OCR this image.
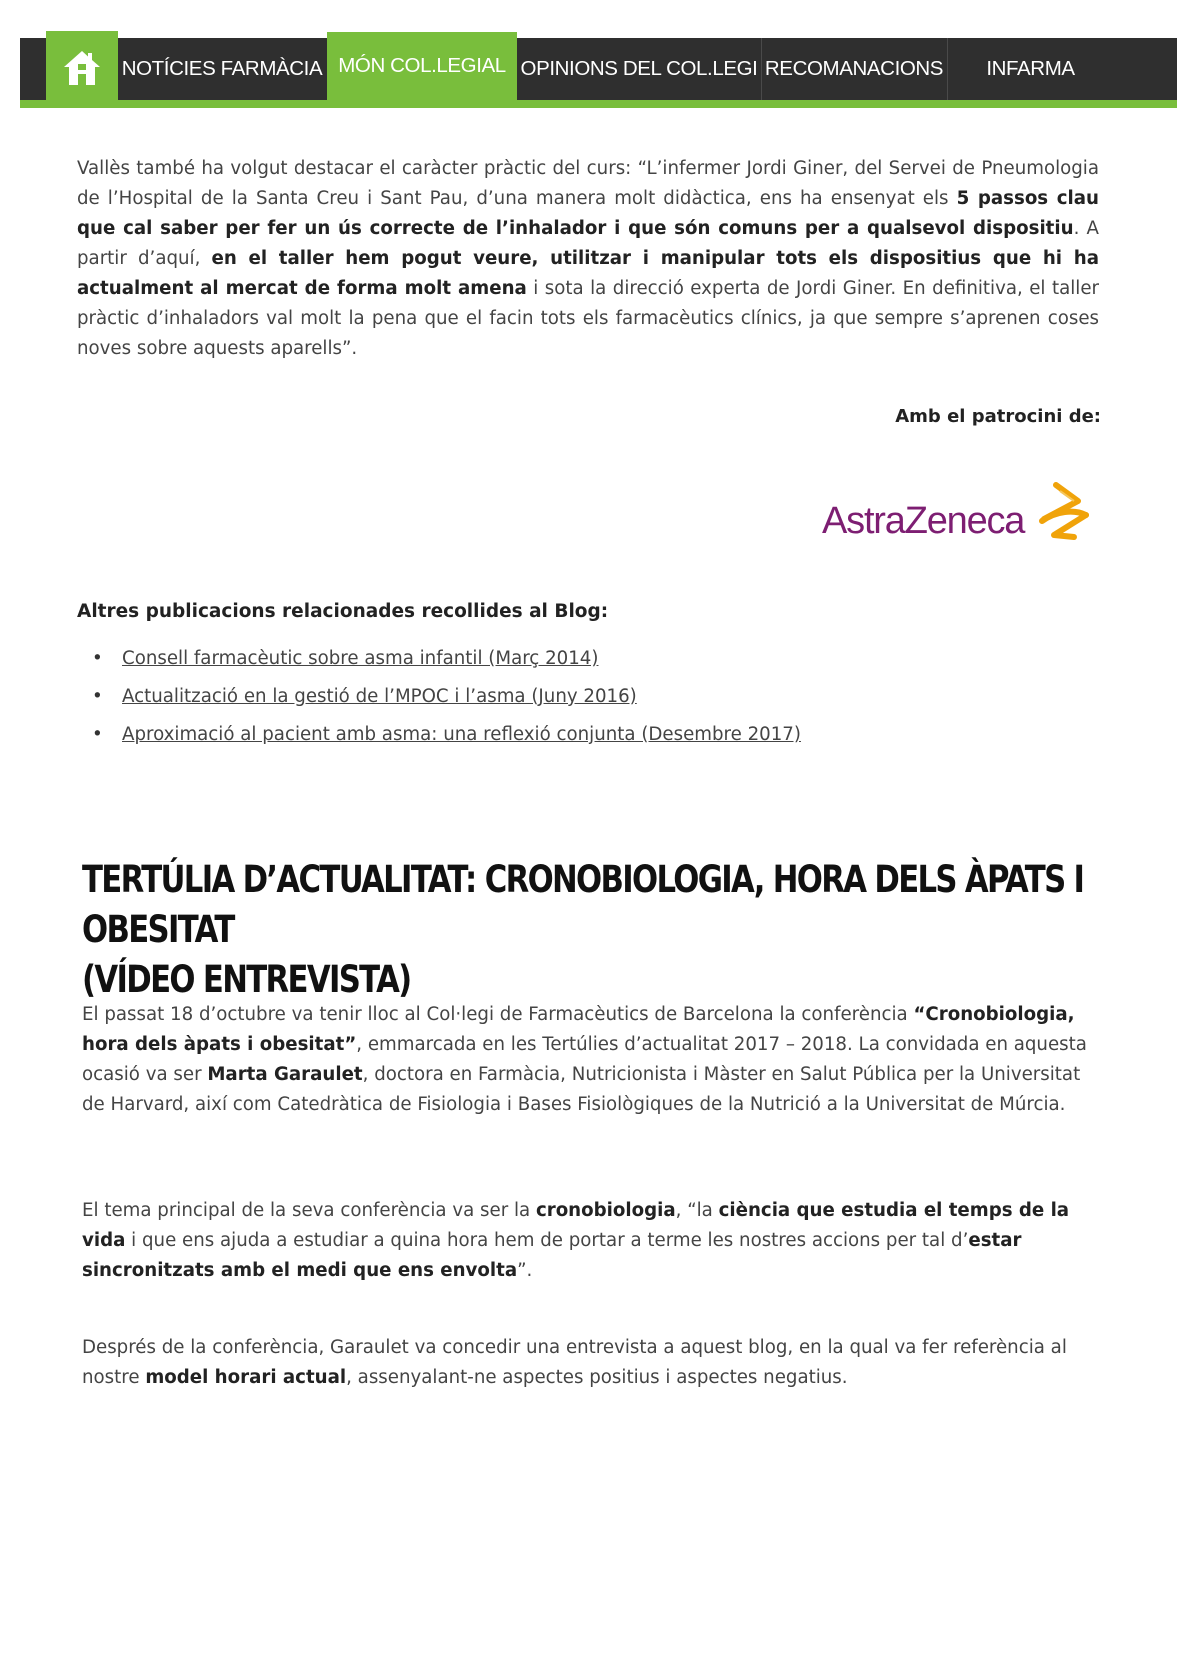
NOTÍCIES FARMÀCIA MÓN COL.LEGIAL OPINIONS DEL COL.LEGI RECOMANACIONS	INFARMA

Vallès també ha volgut destacar el caràcter pràctic del curs: “L’infermer Jordi Giner, del Servei de Pneumologia de l’Hospital de la Santa Creu i Sant Pau, d’una manera molt didàctica, ens ha ensenyat els 5 passos clau que cal saber per fer un ús correcte de l’inhalador i que són comuns per a qualsevol dispositiu. A partir d’aquí, en el taller hem pogut veure, utilitzar i manipular tots els dispositius que hi ha actualment al mercat de forma molt amena i sota la direcció experta de Jordi Giner. En definitiva, el taller pràctic d’inhaladors val molt la pena que el facin tots els farmacèutics clínics, ja que sempre s’aprenen coses noves sobre aquests aparells”.

Amb el patrocini de:
AstraZeneca
Altres publicacions relacionades recollides al Blog:
• Consell farmacèutic sobre asma infantil (Març 2014)
• Actualització en la gestió de l’MPOC i l’asma (Juny 2016)
• Aproximació al pacient amb asma: una reflexió conjunta (Desembre 2017)
TERTÚLIA D’ACTUALITAT: CRONOBIOLOGIA, HORA DELS ÀPATS I OBESITAT
(VÍDEO ENTREVISTA)

El passat 18 d’octubre va tenir lloc al Col·legi de Farmacèutics de Barcelona la conferència “Cronobiologia, hora dels àpats i obesitat”, emmarcada en les Tertúlies d’actualitat 2017 – 2018. La convidada en aquesta ocasió va ser Marta Garaulet, doctora en Farmàcia, Nutricionista i Màster en Salut Pública per la Universitat de Harvard, així com Catedràtica de Fisiologia i Bases Fisiològiques de la Nutrició a la Universitat de Múrcia.

El tema principal de la seva conferència va ser la cronobiologia, “la ciència que estudia el temps de la vida i que ens ajuda a estudiar a quina hora hem de portar a terme les nostres accions per tal d’estar sincronitzats amb el medi que ens envolta”.

Després de la conferència, Garaulet va concedir una entrevista a aquest blog, en la qual va fer referència al nostre model horari actual, assenyalant-ne aspectes positius i aspectes negatius.
